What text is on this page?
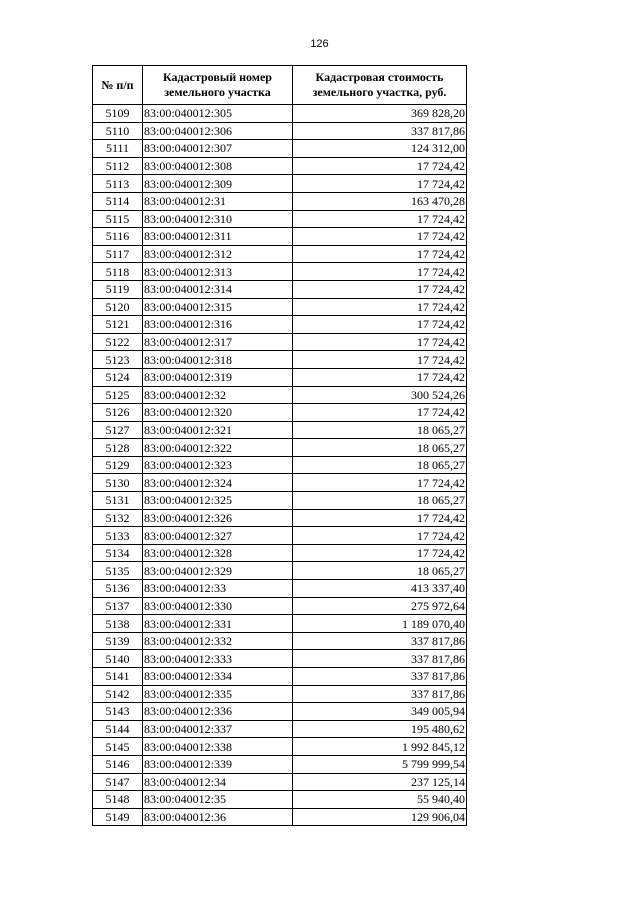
126
№ п/п	Кадастровый номер земельного участка	Кадастровая стоимость земельного участка, руб.
5109	83:00:040012:305	369 828,20
5110	83:00:040012:306	337 817,86
5111	83:00:040012:307	124 312,00
5112	83:00:040012:308	17 724,42
5113	83:00:040012:309	17 724,42
5114	83:00:040012:31	163 470,28
5115	83:00:040012:310	17 724,42
5116	83:00:040012:311	17 724,42
5117	83:00:040012:312	17 724,42
5118	83:00:040012:313	17 724,42
5119	83:00:040012:314	17 724,42
5120	83:00:040012:315	17 724,42
5121	83:00:040012:316	17 724,42
5122	83:00:040012:317	17 724,42
5123	83:00:040012:318	17 724,42
5124	83:00:040012:319	17 724,42
5125	83:00:040012:32	300 524,26
5126	83:00:040012:320	17 724,42
5127	83:00:040012:321	18 065,27
5128	83:00:040012:322	18 065,27
5129	83:00:040012:323	18 065,27
5130	83:00:040012:324	17 724,42
5131	83:00:040012:325	18 065,27
5132	83:00:040012:326	17 724,42
5133	83:00:040012:327	17 724,42
5134	83:00:040012:328	17 724,42
5135	83:00:040012:329	18 065,27
5136	83:00:040012:33	413 337,40
5137	83:00:040012:330	275 972,64
5138	83:00:040012:331	1 189 070,40
5139	83:00:040012:332	337 817,86
5140	83:00:040012:333	337 817,86
5141	83:00:040012:334	337 817,86
5142	83:00:040012:335	337 817,86
5143	83:00:040012:336	349 005,94
5144	83:00:040012:337	195 480,62
5145	83:00:040012:338	1 992 845,12
5146	83:00:040012:339	5 799 999,54
5147	83:00:040012:34	237 125,14
5148	83:00:040012:35	55 940,40
5149	83:00:040012:36	129 906,04
